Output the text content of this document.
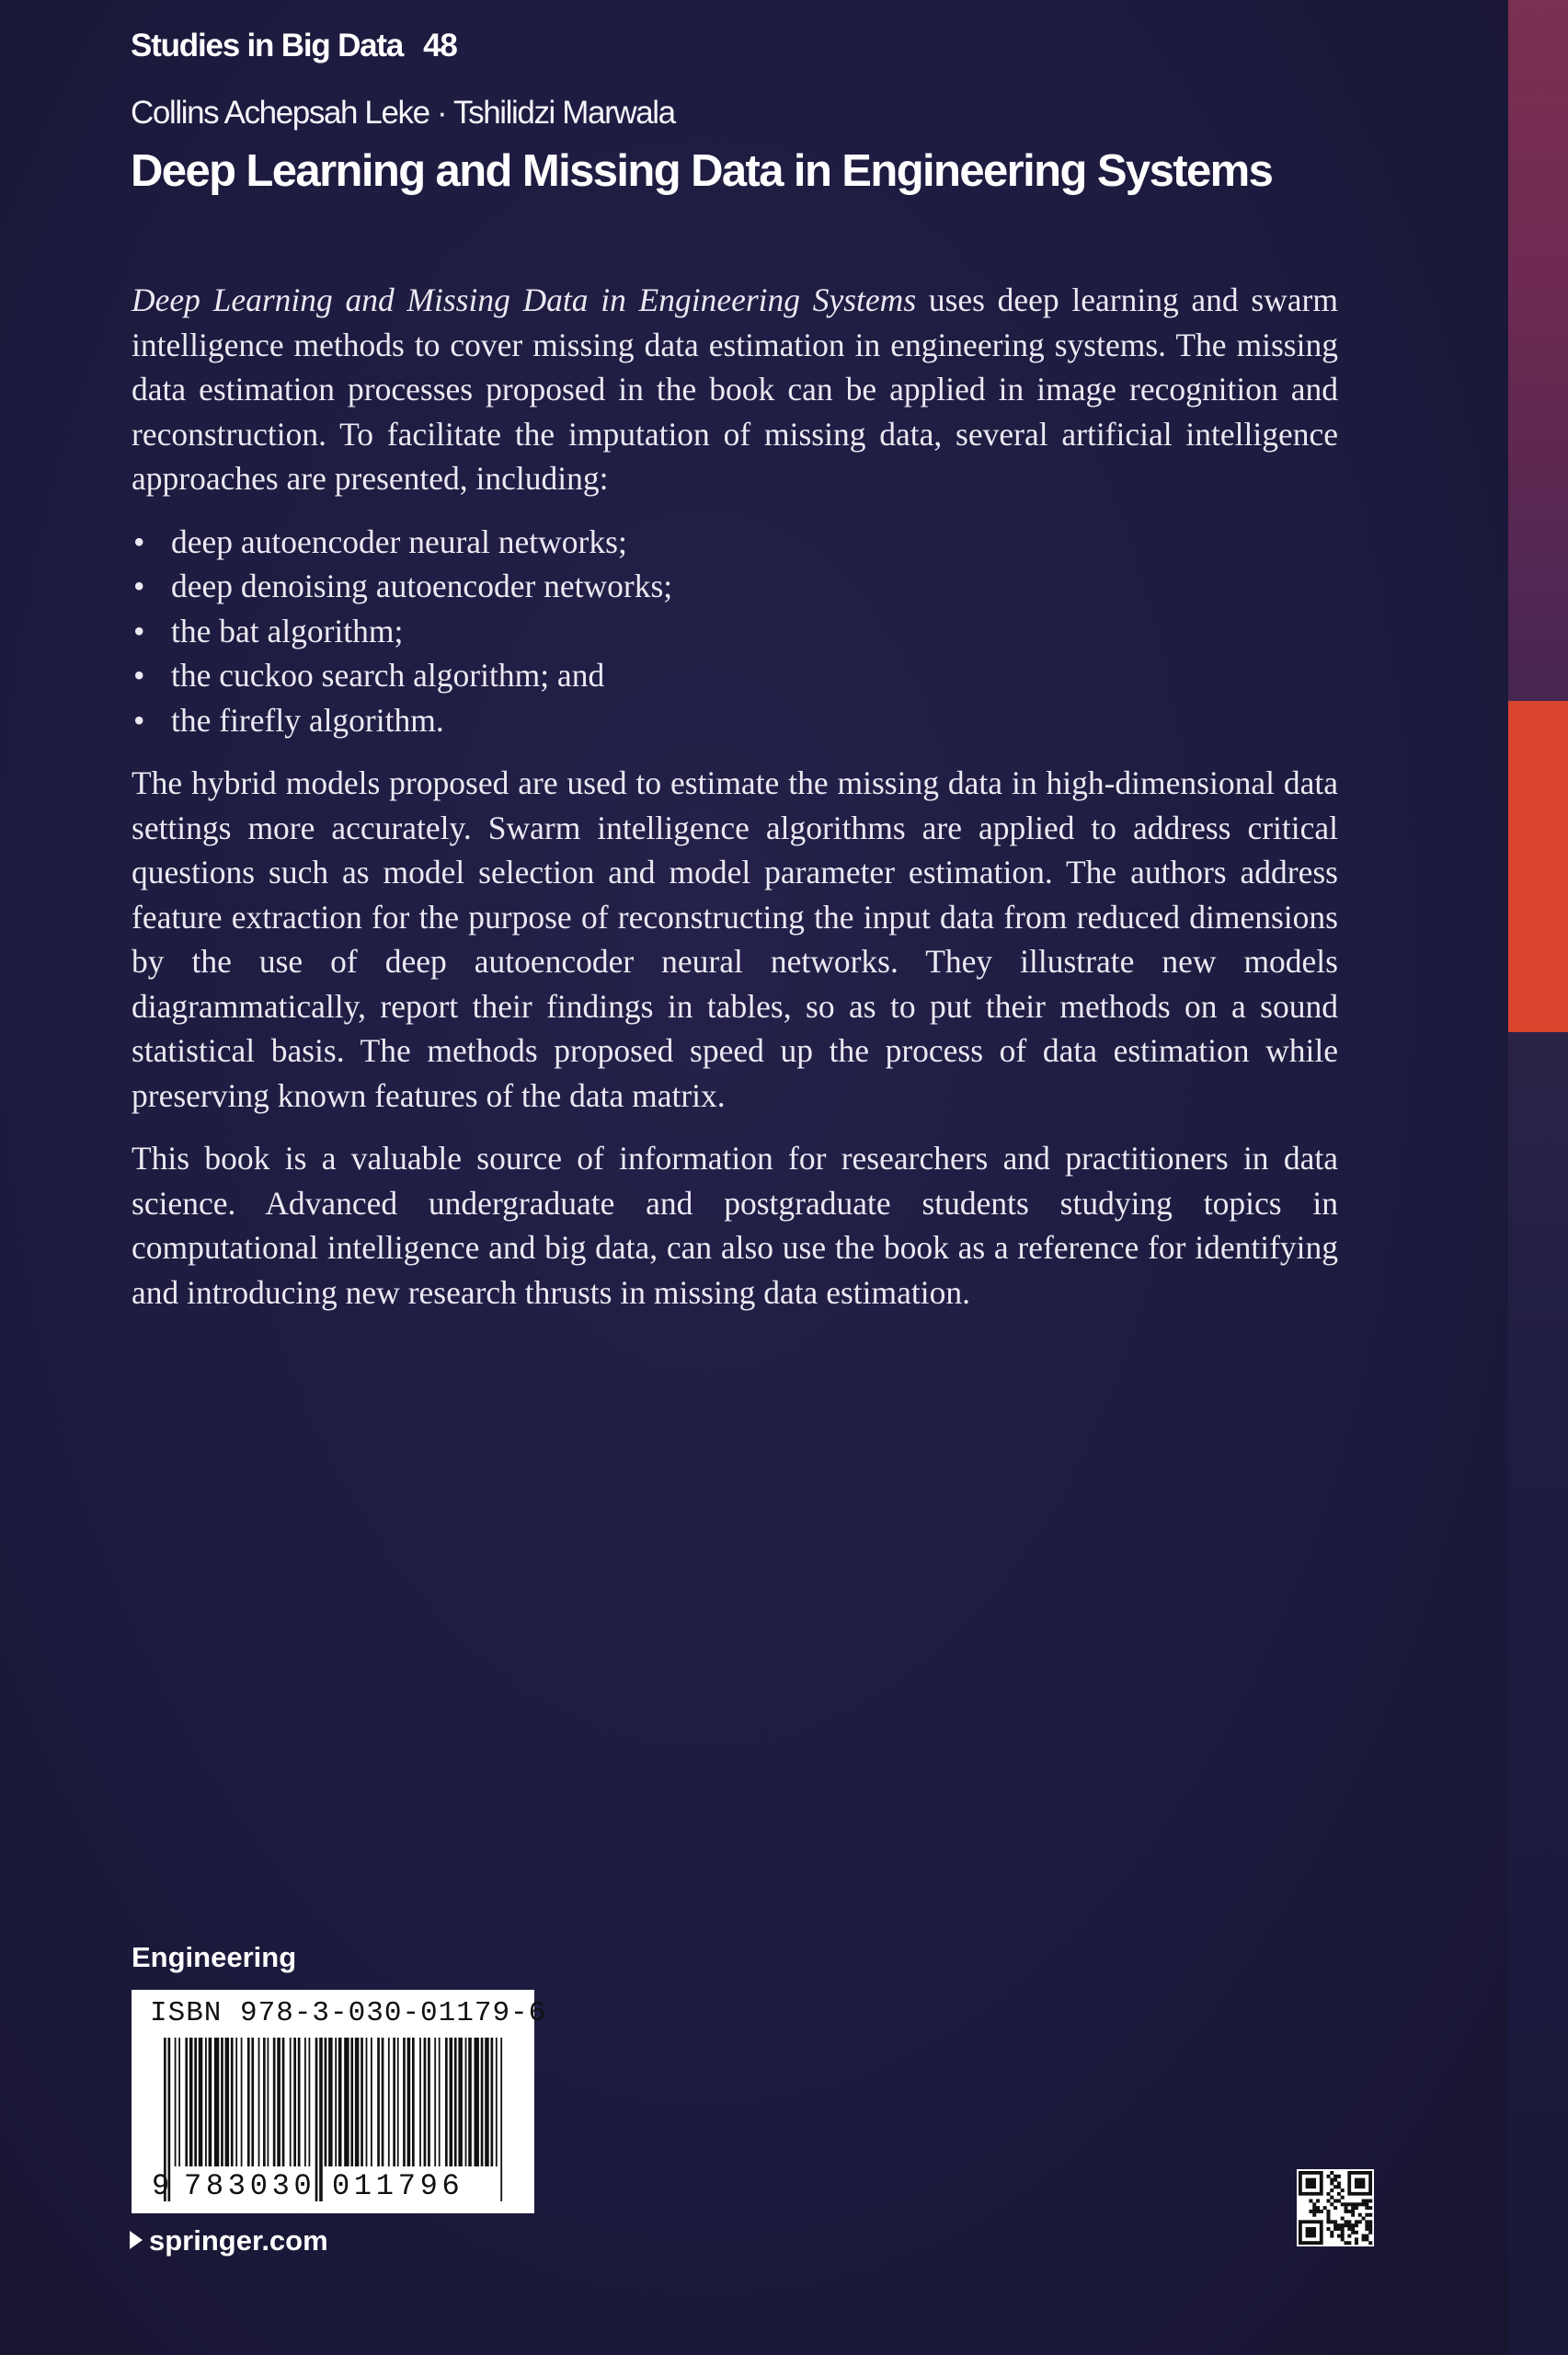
Studies in Big Data 48
Collins Achepsah Leke · Tshilidzi Marwala
Deep Learning and Missing Data in Engineering Systems

Deep Learning and Missing Data in Engineering Systems uses deep learning and swarm intelligence methods to cover missing data estimation in engineering systems. The missing data estimation processes proposed in the book can be applied in image recognition and reconstruction. To facilitate the imputation of missing data, several artificial intelligence approaches are presented, including:

• deep autoencoder neural networks;
• deep denoising autoencoder networks;
• the bat algorithm;
• the cuckoo search algorithm; and
• the firefly algorithm.

The hybrid models proposed are used to estimate the missing data in high-dimensional data settings more accurately. Swarm intelligence algorithms are applied to address critical questions such as model selection and model parameter estimation. The authors address feature extraction for the purpose of reconstructing the input data from reduced dimensions by the use of deep autoencoder neural networks. They illustrate new models diagrammatically, report their findings in tables, so as to put their methods on a sound statistical basis. The methods proposed speed up the process of data estimation while preserving known features of the data matrix.

This book is a valuable source of information for researchers and practitioners in data science. Advanced undergraduate and postgraduate students studying topics in computational intelligence and big data, can also use the book as a reference for identifying and introducing new research thrusts in missing data estimation.

Engineering
ISBN 978-3-030-01179-6
9 783030 011796
springer.com
